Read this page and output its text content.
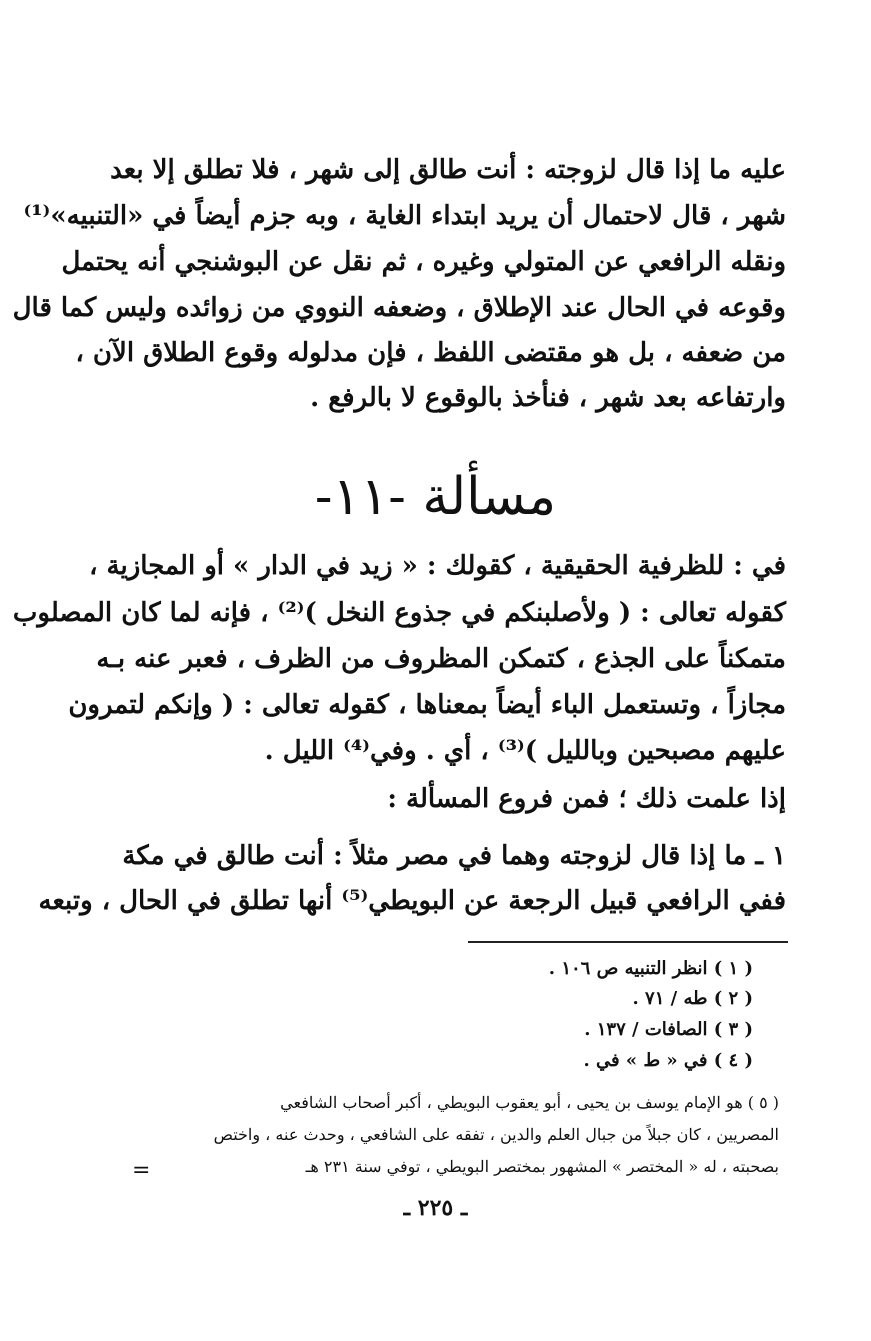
عليه ما إذا قال لزوجته : أنت طالق إلى شهر ، فلا تطلق إلا بعد
شهر ، قال لاحتمال أن يريد ابتداء الغاية ، وبه جزم أيضاً في «التنبيه»⁽¹⁾
ونقله الرافعي عن المتولي وغيره ، ثم نقل عن البوشنجي أنه يحتمل
وقوعه في الحال عند الإطلاق ، وضعفه النووي من زوائده وليس كما قال
من ضعفه ، بل هو مقتضى اللفظ ، فإن مدلوله وقوع الطلاق الآن ،
وارتفاعه بعد شهر ، فنأخذ بالوقوع لا بالرفع .
مسألة -١١-
في : للظرفية الحقيقية ، كقولك : « زيد في الدار » أو المجازية ،
كقوله تعالى : ( ولأصلبنكم في جذوع النخل )⁽²⁾ ، فإنه لما كان المصلوب
متمكناً على الجذع ، كتمكن المظروف من الظرف ، فعبر عنه بـه
مجازاً ، وتستعمل الباء أيضاً بمعناها ، كقوله تعالى : ( وإنكم لتمرون
عليهم مصبحين وبالليل )⁽³⁾ ، أي . وفي⁽⁴⁾ الليل .
إذا علمت ذلك ؛ فمن فروع المسألة :
١ ـ ما إذا قال لزوجته وهما في مصر مثلاً : أنت طالق في مكة
ففي الرافعي قبيل الرجعة عن البويطي⁽⁵⁾ أنها تطلق في الحال ، وتبعه
( ١ ) انظر التنبيه ص ١٠٦ .
( ٢ ) طه / ٧١ .
( ٣ ) الصافات / ١٣٧ .
( ٤ ) في « ط » في .
( ٥ ) هو الإمام يوسف بن يحيى ، أبو يعقوب البويطي ، أكبر أصحاب الشافعي
المصريين ، كان جبلاً من جبال العلم والدين ، تفقه على الشافعي ، وحدث عنه ، واختص
بصحبته ، له « المختصر » المشهور بمختصر البويطي ، توفي سنة ٢٣١ هـ
=
ـ ٢٢٥ ـ
